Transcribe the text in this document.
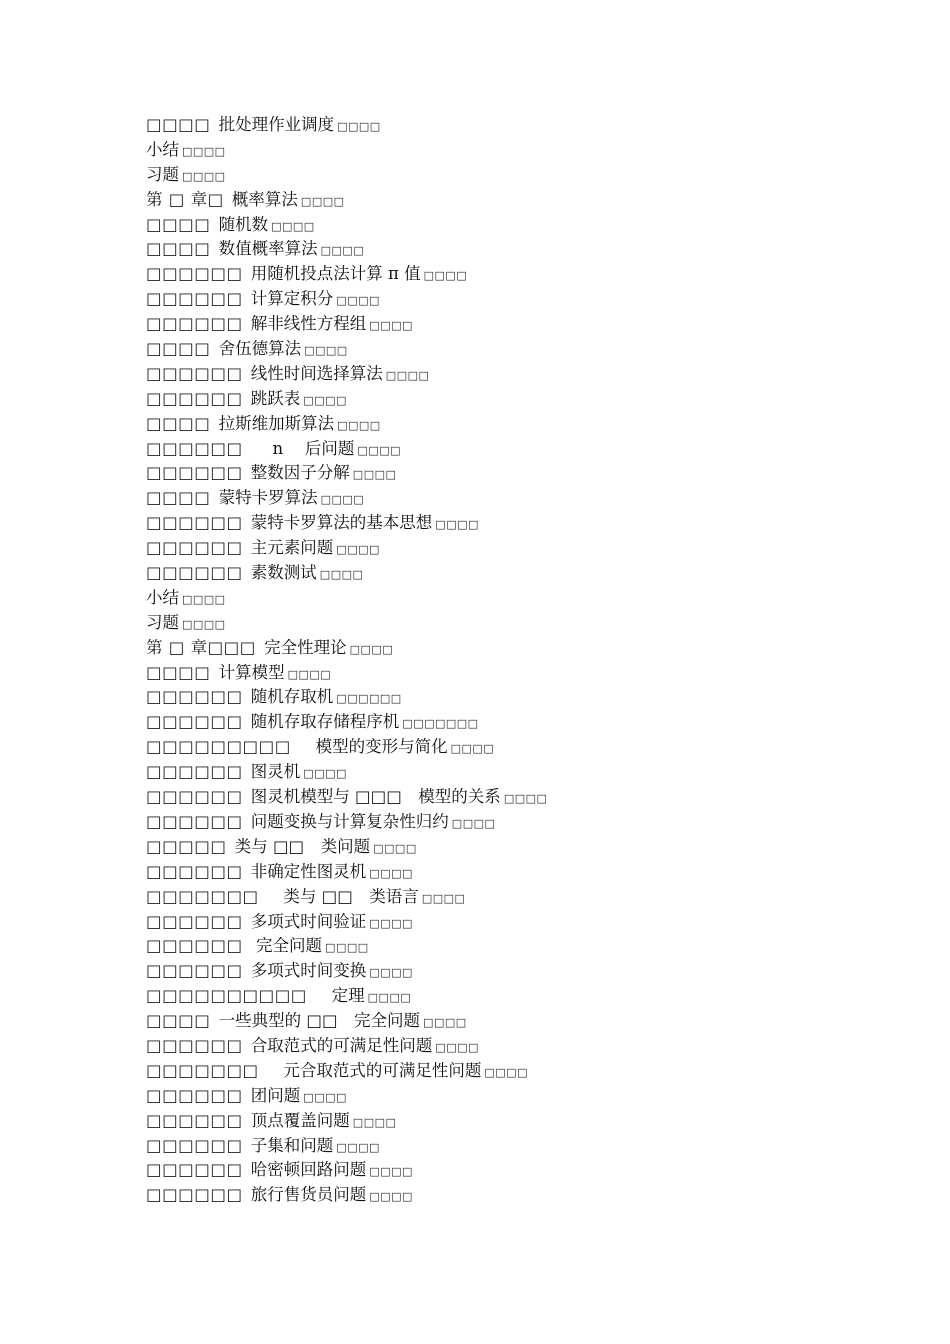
□□□□  批处理作业调度 □□□□
小结 □□□□
习题 □□□□
第 □ 章□  概率算法 □□□□
□□□□  随机数 □□□□
□□□□  数值概率算法 □□□□
□□□□□□  用随机投点法计算 π 值 □□□□
□□□□□□  计算定积分 □□□□
□□□□□□  解非线性方程组 □□□□
□□□□  舍伍德算法 □□□□
□□□□□□  线性时间选择算法 □□□□
□□□□□□  跳跃表 □□□□
□□□□  拉斯维加斯算法 □□□□
□□□□□□ 　 n 　后问题 □□□□
□□□□□□  整数因子分解 □□□□
□□□□  蒙特卡罗算法 □□□□
□□□□□□  蒙特卡罗算法的基本思想 □□□□
□□□□□□  主元素问题 □□□□
□□□□□□  素数测试 □□□□
小结 □□□□
习题 □□□□
第 □ 章□□□  完全性理论 □□□□
□□□□  计算模型 □□□□
□□□□□□  随机存取机 □□□□□□
□□□□□□  随机存取存储程序机 □□□□□□□
□□□□□□□□□ 　模型的变形与简化 □□□□
□□□□□□  图灵机 □□□□
□□□□□□  图灵机模型与 □□□　模型的关系 □□□□
□□□□□□  问题变换与计算复杂性归约 □□□□
□□□□□  类与 □□　类问题 □□□□
□□□□□□  非确定性图灵机 □□□□
□□□□□□□ 　类与 □□　类语言 □□□□
□□□□□□  多项式时间验证 □□□□
□□□□□□  完全问题 □□□□
□□□□□□  多项式时间变换 □□□□
□□□□□□□□□□ 　定理 □□□□
□□□□  一些典型的 □□　完全问题 □□□□
□□□□□□  合取范式的可满足性问题 □□□□
□□□□□□□ 　元合取范式的可满足性问题 □□□□
□□□□□□  团问题 □□□□
□□□□□□  顶点覆盖问题 □□□□
□□□□□□  子集和问题 □□□□
□□□□□□  哈密顿回路问题 □□□□
□□□□□□  旅行售货员问题 □□□□
